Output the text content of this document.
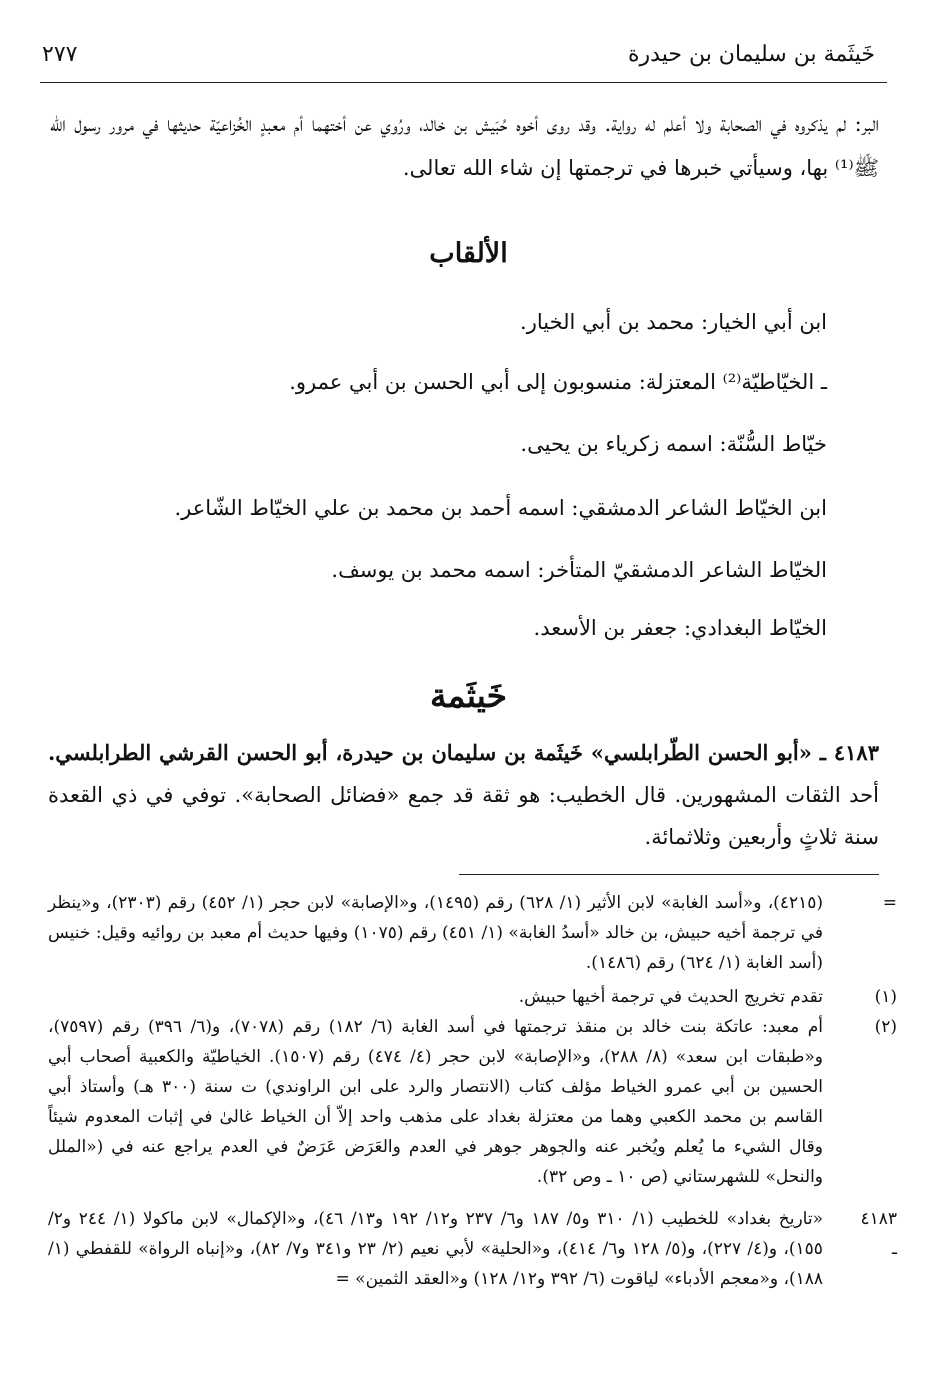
خَيثَمة بن سليمان بن حيدرة
٢٧٧

البر: لم يذكروه في الصحابة ولا أعلم له رواية. وقد روى أخوه حُبَيش بن خالد، ورُوي عن أختهما أم معبدٍ الخُزاعيّة حديثها في مرور رسول الله ﷺ⁽¹⁾ بها، وسيأتي خبرها في ترجمتها إن شاء الله تعالى.

الألقاب
ابن أبي الخيار: محمد بن أبي الخيار.
ـ الخيّاطيّة⁽²⁾ المعتزلة: منسوبون إلى أبي الحسن بن أبي عمرو.
خيّاط السُّنّة: اسمه زكرياء بن يحيى.
ابن الخيّاط الشاعر الدمشقي: اسمه أحمد بن محمد بن علي الخيّاط الشّاعر.
الخيّاط الشاعر الدمشقيّ المتأخر: اسمه محمد بن يوسف.
الخيّاط البغدادي: جعفر بن الأسعد.
خَيثَمة

٤١٨٣ ـ «أبو الحسن الطّرابلسي» خَيثَمة بن سليمان بن حيدرة، أبو الحسن القرشي الطرابلسي. أحد الثقات المشهورين. قال الخطيب: هو ثقة قد جمع «فضائل الصحابة». توفي في ذي القعدة سنة ثلاثٍ وأربعين وثلاثمائة.

=
(٤٢١٥)، و«أسد الغابة» لابن الأثير (١/ ٦٢٨) رقم (١٤٩٥)، و«الإصابة» لابن حجر (١/ ٤٥٢) رقم (٢٣٠٣)، و«ينظر في ترجمة أخيه حبيش، بن خالد «أسدُ الغابة» (١/ ٤٥١) رقم (١٠٧٥) وفيها حديث أم معبد بن روائيه وقيل: خنيس (أسد الغابة (١/ ٦٢٤) رقم (١٤٨٦).
(١)
تقدم تخريج الحديث في ترجمة أخيها حبيش.
(٢)
أم معبد: عاتكة بنت خالد بن منقذ ترجمتها في أسد الغابة (٦/ ١٨٢) رقم (٧٠٧٨)، و(٦/ ٣٩٦) رقم (٧٥٩٧)، و«طبقات ابن سعد» (٨/ ٢٨٨)، و«الإصابة» لابن حجر (٤/ ٤٧٤) رقم (١٥٠٧). الخياطيّة والكعبية أصحاب أبي الحسين بن أبي عمرو الخياط مؤلف كتاب (الانتصار والرد على ابن الراوندي) ت سنة (٣٠٠ هـ) وأستاذ أبي القاسم بن محمد الكعبي وهما من معتزلة بغداد على مذهب واحد إلاّ أن الخياط غالىٰ في إثبات المعدوم شيئاً وقال الشيء ما يُعلم ويُخبر عنه والجوهر جوهر في العدم والعَرَض عَرَضٌ في العدم يراجع عنه في («الملل والنحل» للشهرستاني (ص ١٠ ـ وص ٣٢).
٤١٨٣ ـ
«تاريخ بغداد» للخطيب (١/ ٣١٠ و٥/ ١٨٧ و٦/ ٢٣٧ و١٢/ ١٩٢ و١٣/ ٤٦)، و«الإكمال» لابن ماكولا (١/ ٢٤٤ و٢/ ١٥٥)، و(٤/ ٢٢٧)، و(٥/ ١٢٨ و٦/ ٤١٤)، و«الحلية» لأبي نعيم (٢/ ٢٣ و٣٤١ و٧/ ٨٢)، و«إنباه الرواة» للقفطي (١/ ١٨٨)، و«معجم الأدباء» لياقوت (٦/ ٣٩٢ و١٢/ ١٢٨) و«العقد الثمين» =
